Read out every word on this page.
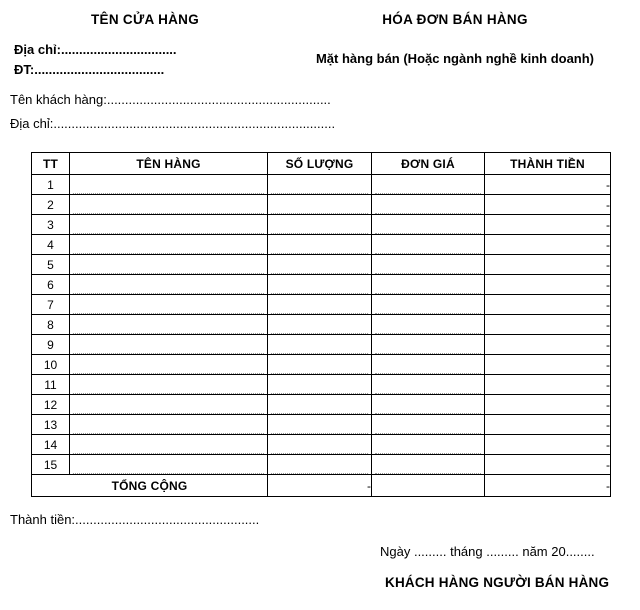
TÊN CỬA HÀNG	HÓA ĐƠN BÁN HÀNG
Mặt hàng bán (Hoặc ngành nghề kinh doanh)
Địa chỉ:................................
ĐT:....................................
Tên khách hàng:..............................................................
Địa chỉ:..............................................................................
TT	TÊN HÀNG	SỐ LƯỢNG	ĐƠN GIÁ	THÀNH TIỀN
1				-
2				-
3				-
4				-
5				-
6				-
7				-
8				-
9				-
10				-
11				-
12				-
13				-
14				-
15				-
TỔNG CỘNG		-		-
Thành tiền:...................................................
Ngày ......... tháng ......... năm 20........
KHÁCH HÀNG NGƯỜI BÁN HÀNG
